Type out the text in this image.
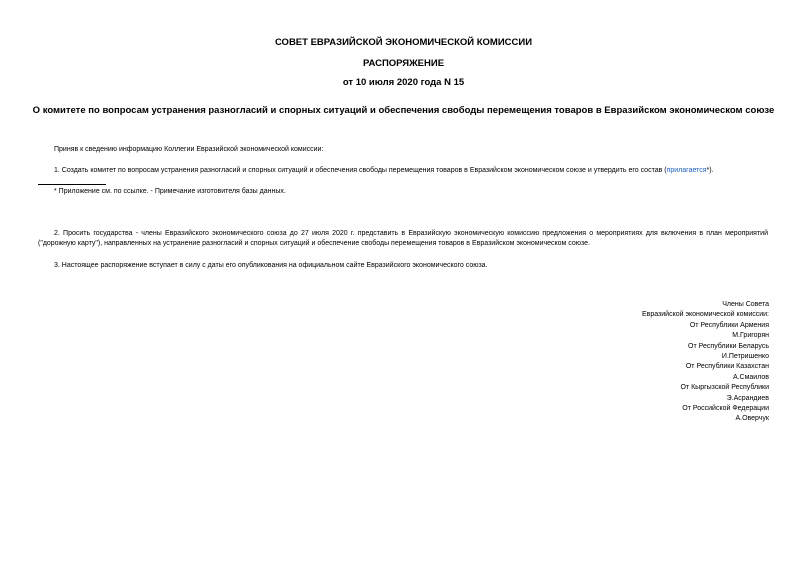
СОВЕТ ЕВРАЗИЙСКОЙ ЭКОНОМИЧЕСКОЙ КОМИССИИ
РАСПОРЯЖЕНИЕ
от 10 июля 2020 года N 15
О комитете по вопросам устранения разногласий и спорных ситуаций и обеспечения свободы перемещения товаров в Евразийском экономическом союзе
Приняв к сведению информацию Коллегии Евразийской экономической комиссии:
1. Создать комитет по вопросам устранения разногласий и спорных ситуаций и обеспечения свободы перемещения товаров в Евразийском экономическом союзе и утвердить его состав (прилагается*).
* Приложение см. по ссылке. - Примечание изготовителя базы данных.
2. Просить государства - члены Евразийского экономического союза до 27 июля 2020 г. представить в Евразийскую экономическую комиссию предложения о мероприятиях для включения в план мероприятий ("дорожную карту"), направленных на устранение разногласий и спорных ситуаций и обеспечение свободы перемещения товаров в Евразийском экономическом союзе.
3. Настоящее распоряжение вступает в силу с даты его опубликования на официальном сайте Евразийского экономического союза.
Члены Совета
Евразийской экономической комиссии:
От Республики Армения
М.Григорян
От Республики Беларусь
И.Петришенко
От Республики Казахстан
А.Смаилов
От Кыргызской Республики
Э.Асрандиев
От Российской Федерации
А.Оверчук
